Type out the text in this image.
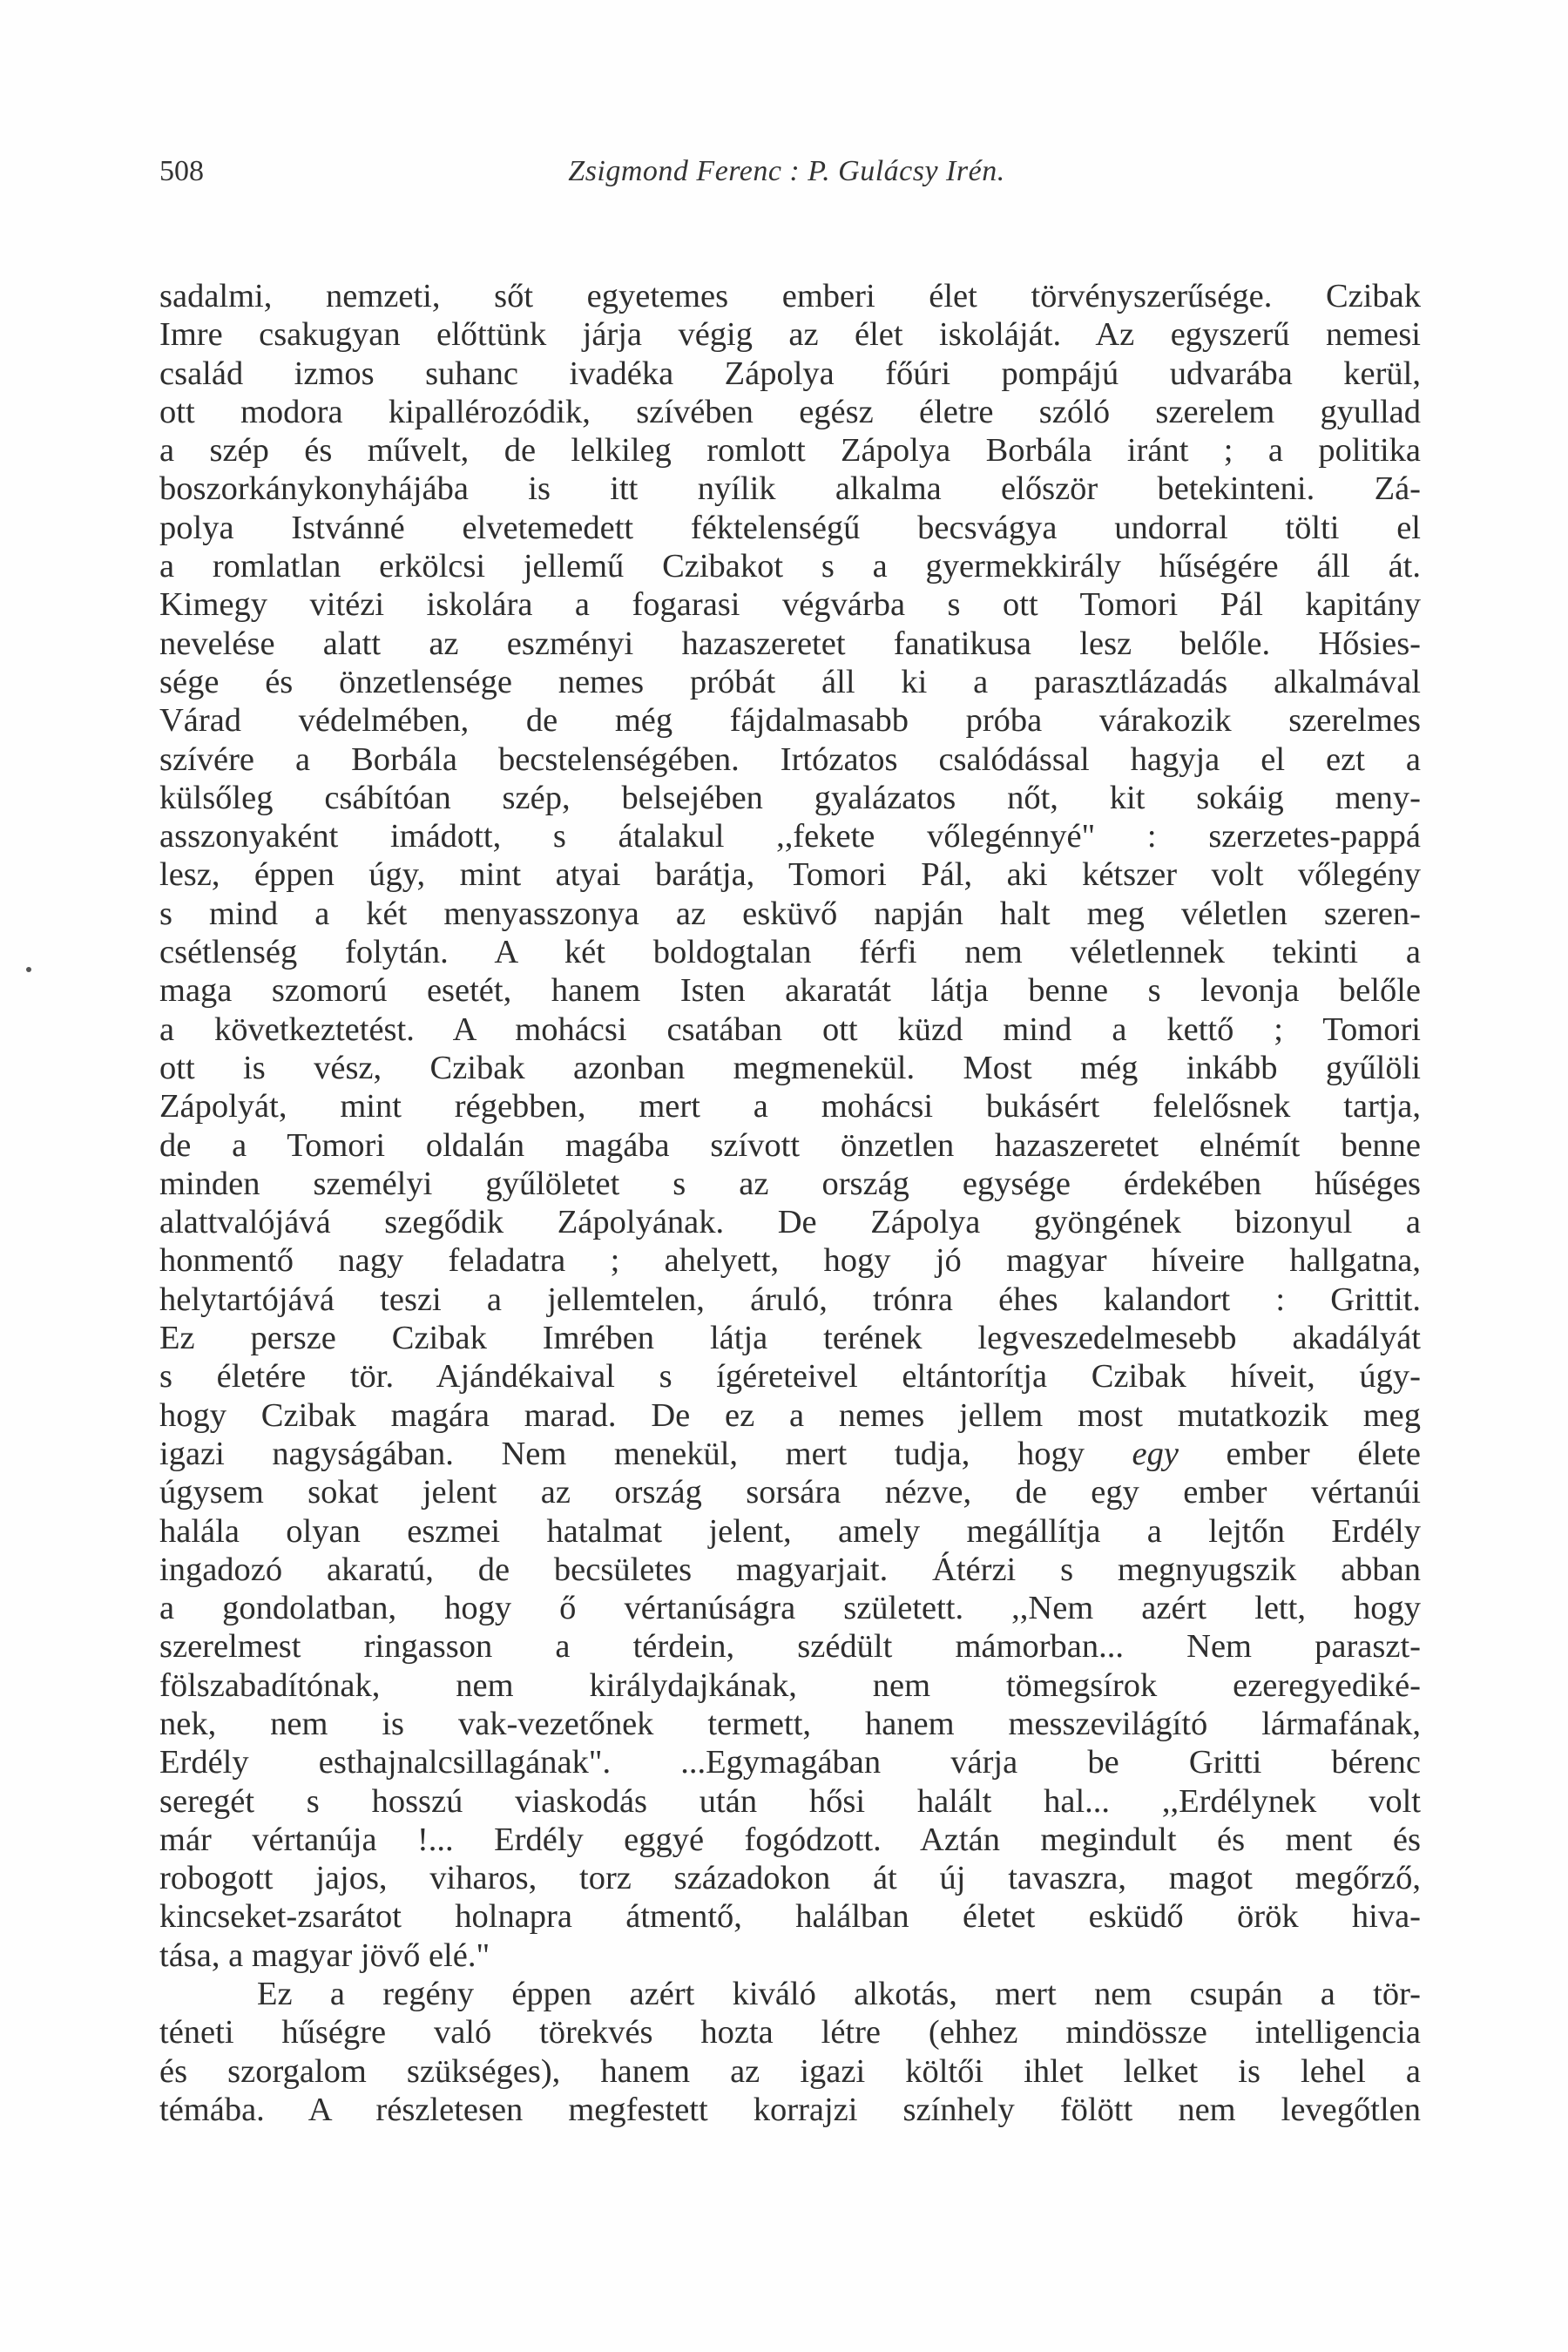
508	Zsigmond Ferenc : P. Gulácsy Irén.

sadalmi, nemzeti, sőt egyetemes emberi élet törvényszerűsége. Czibak
Imre csakugyan előttünk járja végig az élet iskoláját. Az egyszerű nemesi
család izmos suhanc ivadéka Zápolya főúri pompájú udvarába kerül,
ott modora kipallérozódik, szívében egész életre szóló szerelem gyullad
a szép és művelt, de lelkileg romlott Zápolya Borbála iránt ; a politika
boszorkánykonyhájába is itt nyílik alkalma először betekinteni. Zá-
polya Istvánné elvetemedett féktelenségű becsvágya undorral tölti el
a romlatlan erkölcsi jellemű Czibakot s a gyermekkirály hűségére áll át.
Kimegy vitézi iskolára a fogarasi végvárba s ott Tomori Pál kapitány
nevelése alatt az eszményi hazaszeretet fanatikusa lesz belőle. Hősies-
sége és önzetlensége nemes próbát áll ki a parasztlázadás alkalmával
Várad védelmében, de még fájdalmasabb próba várakozik szerelmes
szívére a Borbála becstelenségében. Irtózatos csalódással hagyja el ezt a
külsőleg csábítóan szép, belsejében gyalázatos nőt, kit sokáig meny-
asszonyaként imádott, s átalakul ,,fekete vőlegénnyé" : szerzetes-pappá
lesz, éppen úgy, mint atyai barátja, Tomori Pál, aki kétszer volt vőlegény
s mind a két menyasszonya az esküvő napján halt meg véletlen szeren-
csétlenség folytán. A két boldogtalan férfi nem véletlennek tekinti a
maga szomorú esetét, hanem Isten akaratát látja benne s levonja belőle
a következtetést. A mohácsi csatában ott küzd mind a kettő ; Tomori
ott is vész, Czibak azonban megmenekül. Most még inkább gyűlöli
Zápolyát, mint régebben, mert a mohácsi bukásért felelősnek tartja,
de a Tomori oldalán magába szívott önzetlen hazaszeretet elnémít benne
minden személyi gyűlöletet s az ország egysége érdekében hűséges
alattvalójává szegődik Zápolyának. De Zápolya gyöngének bizonyul a
honmentő nagy feladatra ; ahelyett, hogy jó magyar híveire hallgatna,
helytartójává teszi a jellemtelen, áruló, trónra éhes kalandort : Grittit.
Ez persze Czibak Imrében látja terének legveszedelmesebb akadályát
s életére tör. Ajándékaival s ígéreteivel eltántorítja Czibak híveit, úgy-
hogy Czibak magára marad. De ez a nemes jellem most mutatkozik meg
igazi nagyságában. Nem menekül, mert tudja, hogy egy ember élete
úgysem sokat jelent az ország sorsára nézve, de egy ember vértanúi
halála olyan eszmei hatalmat jelent, amely megállítja a lejtőn Erdély
ingadozó akaratú, de becsületes magyarjait. Átérzi s megnyugszik abban
a gondolatban, hogy ő vértanúságra született. ,,Nem azért lett, hogy
szerelmest ringasson a térdein, szédült mámorban... Nem paraszt-
fölszabadítónak, nem királydajkának, nem tömegsírok ezeregyediké-
nek, nem is vak-vezetőnek termett, hanem messzevilágító lármafának,
Erdély esthajnalcsillagának". ...Egymagában várja be Gritti bérenc
seregét s hosszú viaskodás után hősi halált hal... ,,Erdélynek volt
már vértanúja !... Erdély eggyé fogódzott. Aztán megindult és ment és
robogott jajos, viharos, torz századokon át új tavaszra, magot megőrző,
kincseket-zsarátot holnapra átmentő, halálban életet esküdő örök hiva-
tása, a magyar jövő elé."

Ez a regény éppen azért kiváló alkotás, mert nem csupán a tör-
téneti hűségre való törekvés hozta létre (ehhez mindössze intelligencia
és szorgalom szükséges), hanem az igazi költői ihlet lelket is lehel a
témába. A részletesen megfestett korrajzi színhely fölött nem levegőtlen
